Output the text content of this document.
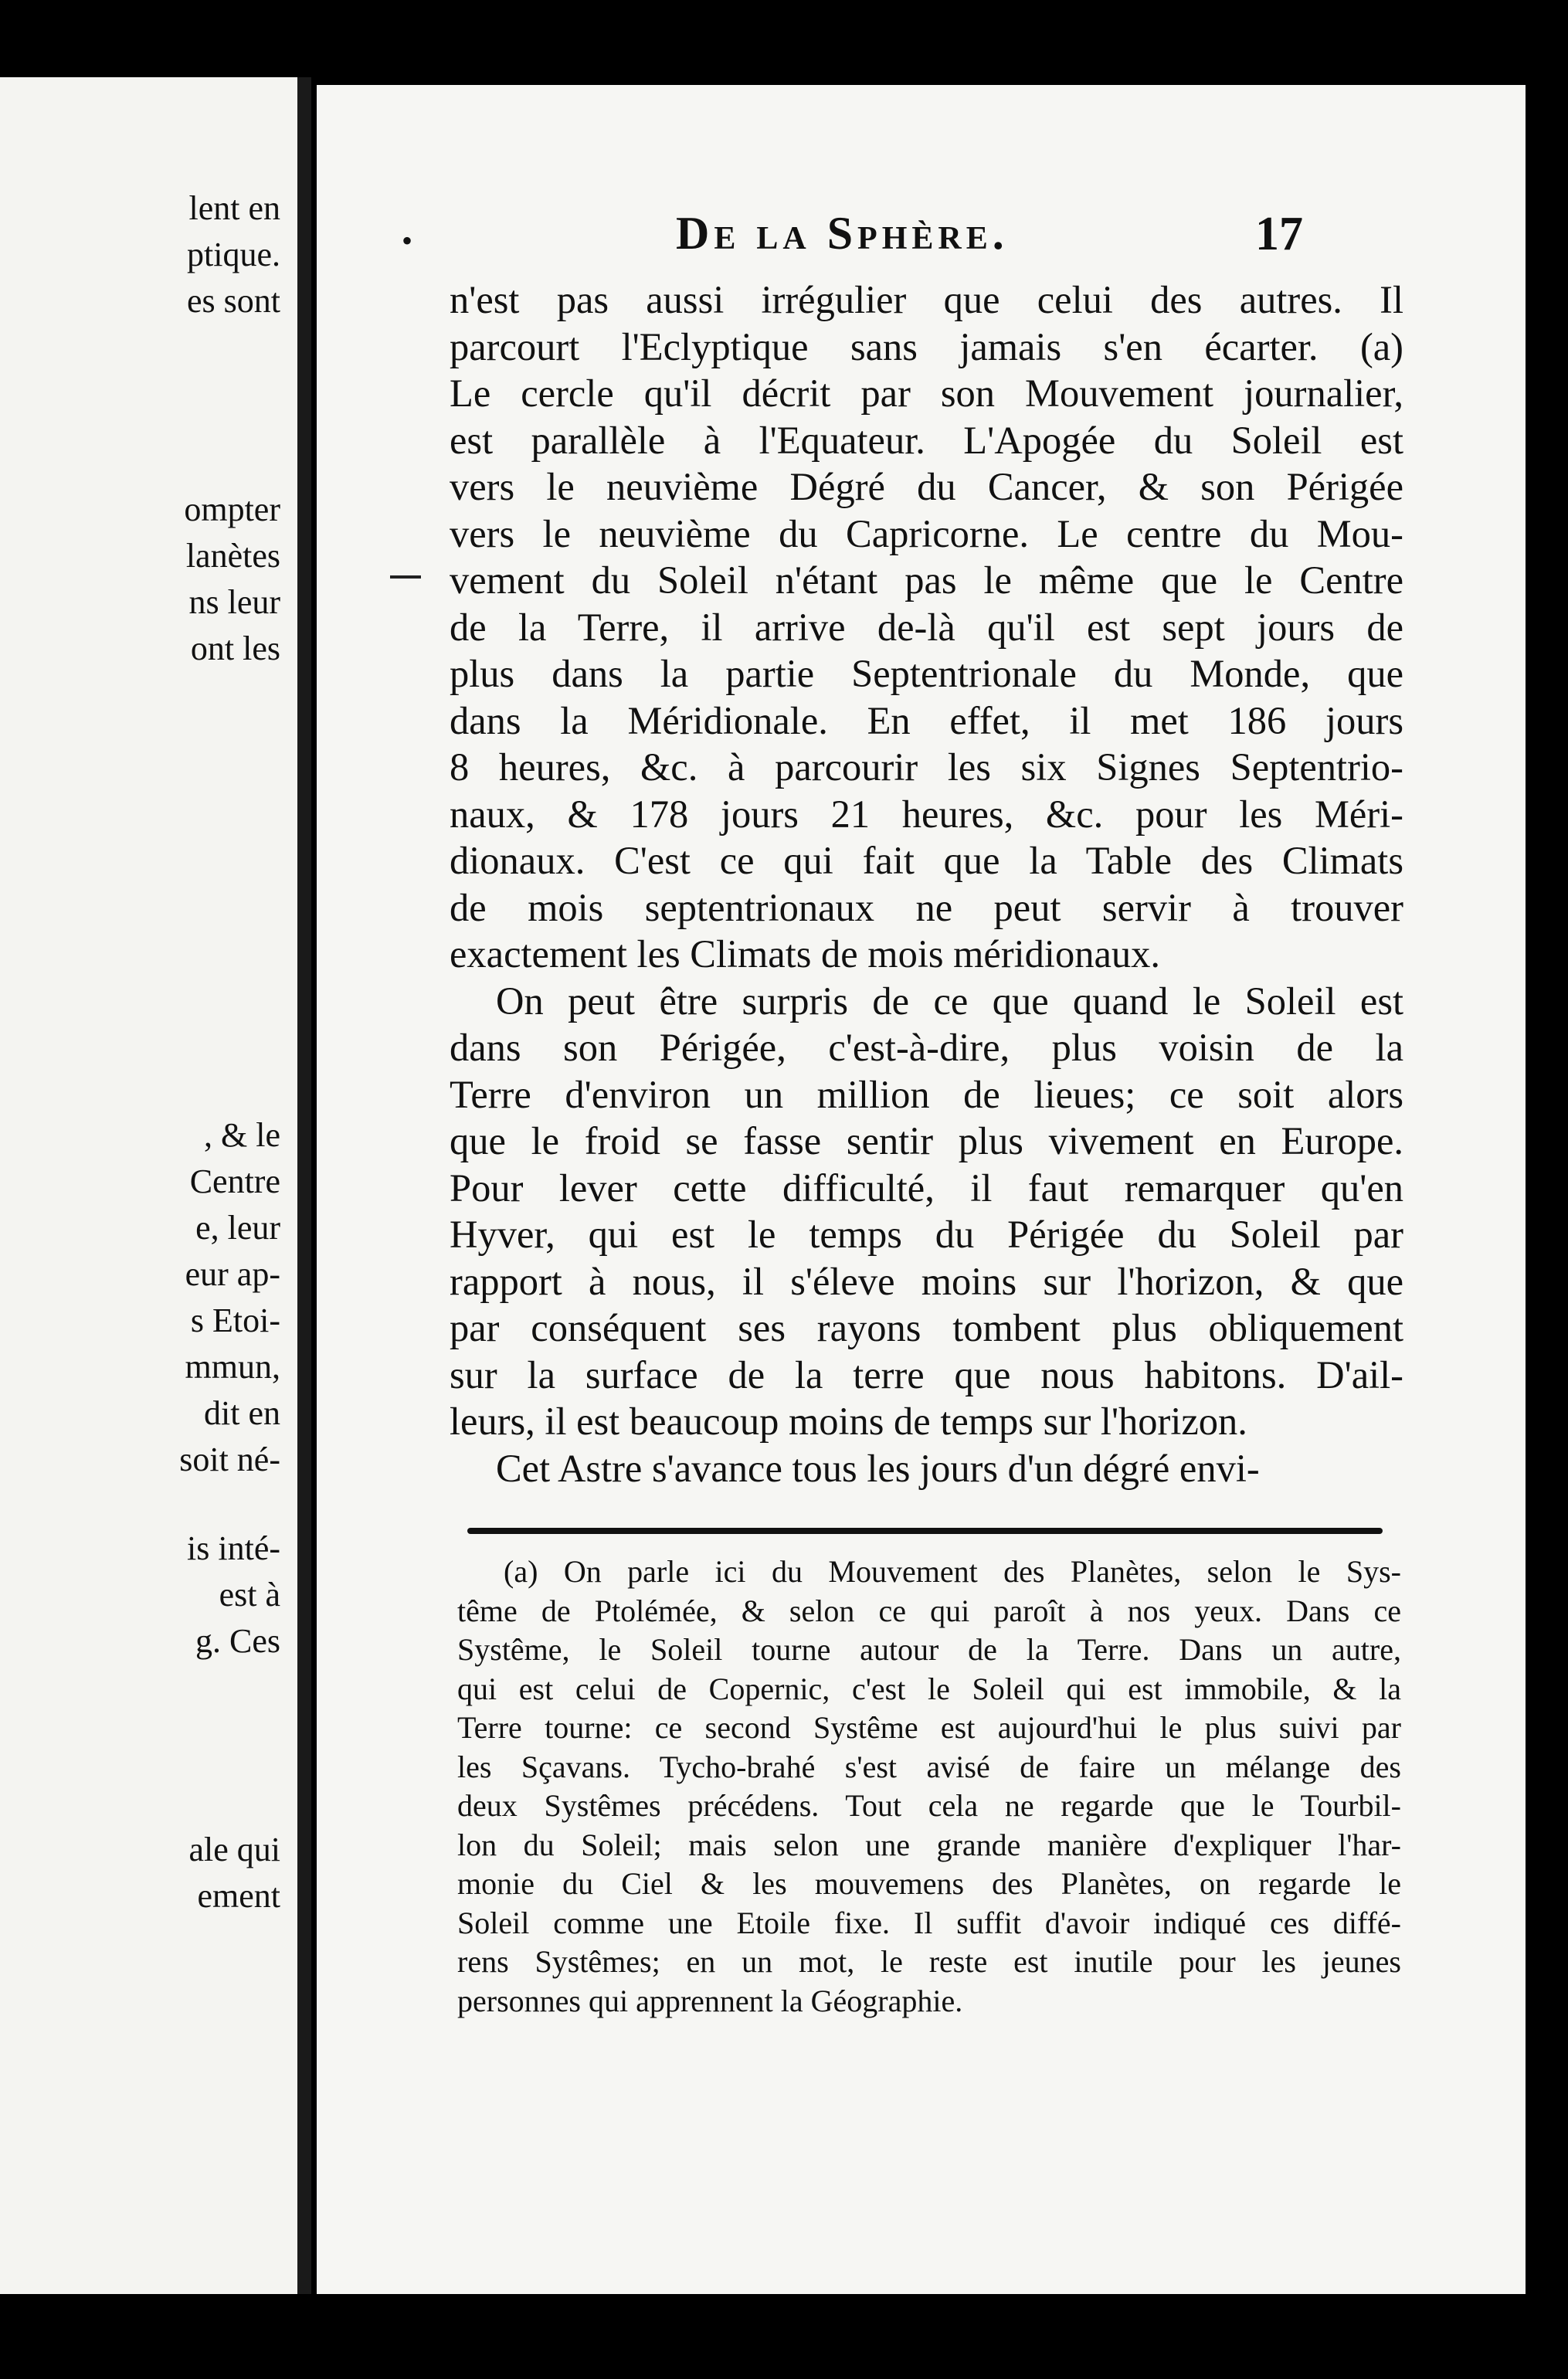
lent en
ptique.
es sont
ompter
lanètes
ns leur
ont les
, & le
Centre
e, leur
eur ap-
s Etoi-
mmun,
dit en
soit né-
is inté-
est à
g. Ces
ale qui
ement
•	De la Sphère.	17
n'est pas aussi irrégulier que celui des autres. Il
parcourt l'Eclyptique sans jamais s'en écarter. (a)
Le cercle qu'il décrit par son Mouvement journalier,
est parallèle à l'Equateur. L'Apogée du Soleil est
vers le neuvième Dégré du Cancer, & son Périgée
vers le neuvième du Capricorne. Le centre du Mou-
vement du Soleil n'étant pas le même que le Centre
de la Terre, il arrive de-là qu'il est sept jours de
plus dans la partie Septentrionale du Monde, que
dans la Méridionale. En effet, il met 186 jours
8 heures, &c. à parcourir les six Signes Septentrio-
naux, & 178 jours 21 heures, &c. pour les Méri-
dionaux. C'est ce qui fait que la Table des Climats
de mois septentrionaux ne peut servir à trouver
exactement les Climats de mois méridionaux.
On peut être surpris de ce que quand le Soleil est
dans son Périgée, c'est-à-dire, plus voisin de la
Terre d'environ un million de lieues; ce soit alors
que le froid se fasse sentir plus vivement en Europe.
Pour lever cette difficulté, il faut remarquer qu'en
Hyver, qui est le temps du Périgée du Soleil par
rapport à nous, il s'éleve moins sur l'horizon, & que
par conséquent ses rayons tombent plus obliquement
sur la surface de la terre que nous habitons. D'ail-
leurs, il est beaucoup moins de temps sur l'horizon.
Cet Astre s'avance tous les jours d'un dégré envi-
(a) On parle ici du Mouvement des Planètes, selon le Sys-
tême de Ptolémée, & selon ce qui paroît à nos yeux. Dans ce
Systême, le Soleil tourne autour de la Terre. Dans un autre,
qui est celui de Copernic, c'est le Soleil qui est immobile, & la
Terre tourne: ce second Systême est aujourd'hui le plus suivi par
les Sçavans. Tycho-brahé s'est avisé de faire un mélange des
deux Systêmes précédens. Tout cela ne regarde que le Tourbil-
lon du Soleil; mais selon une grande manière d'expliquer l'har-
monie du Ciel & les mouvemens des Planètes, on regarde le
Soleil comme une Etoile fixe. Il suffit d'avoir indiqué ces diffé-
rens Systêmes; en un mot, le reste est inutile pour les jeunes
personnes qui apprennent la Géographie.
